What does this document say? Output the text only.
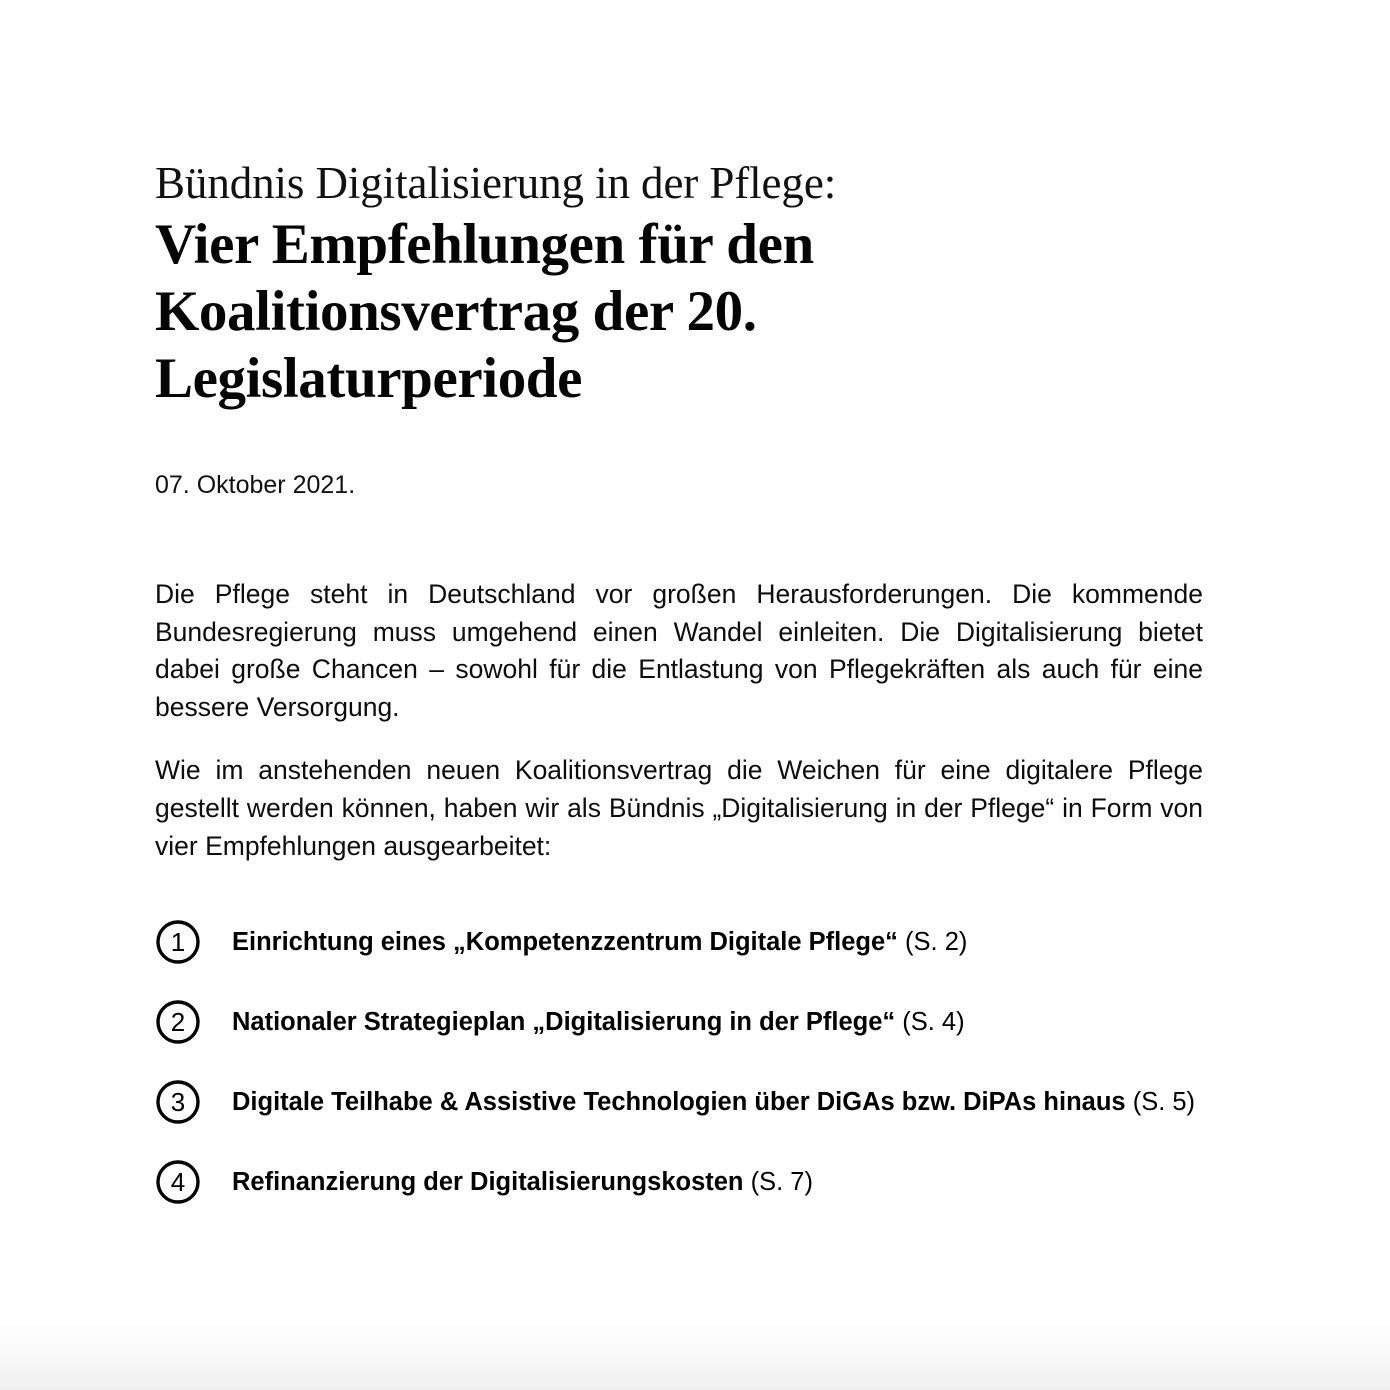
Bündnis Digitalisierung in der Pflege:

Vier Empfehlungen für den Koalitionsvertrag der 20. Legislaturperiode

07. Oktober 2021.

Die Pflege steht in Deutschland vor großen Herausforderungen. Die kommende Bundesregierung muss umgehend einen Wandel einleiten. Die Digitalisierung bietet dabei große Chancen – sowohl für die Entlastung von Pflegekräften als auch für eine bessere Versorgung.

Wie im anstehenden neuen Koalitionsvertrag die Weichen für eine digitalere Pflege gestellt werden können, haben wir als Bündnis „Digitalisierung in der Pflege“ in Form von vier Empfehlungen ausgearbeitet:

1 Einrichtung eines „Kompetenzzentrum Digitale Pflege“ (S. 2)
2 Nationaler Strategieplan „Digitalisierung in der Pflege“ (S. 4)
3 Digitale Teilhabe & Assistive Technologien über DiGAs bzw. DiPAs hinaus (S. 5)
4 Refinanzierung der Digitalisierungskosten (S. 7)
